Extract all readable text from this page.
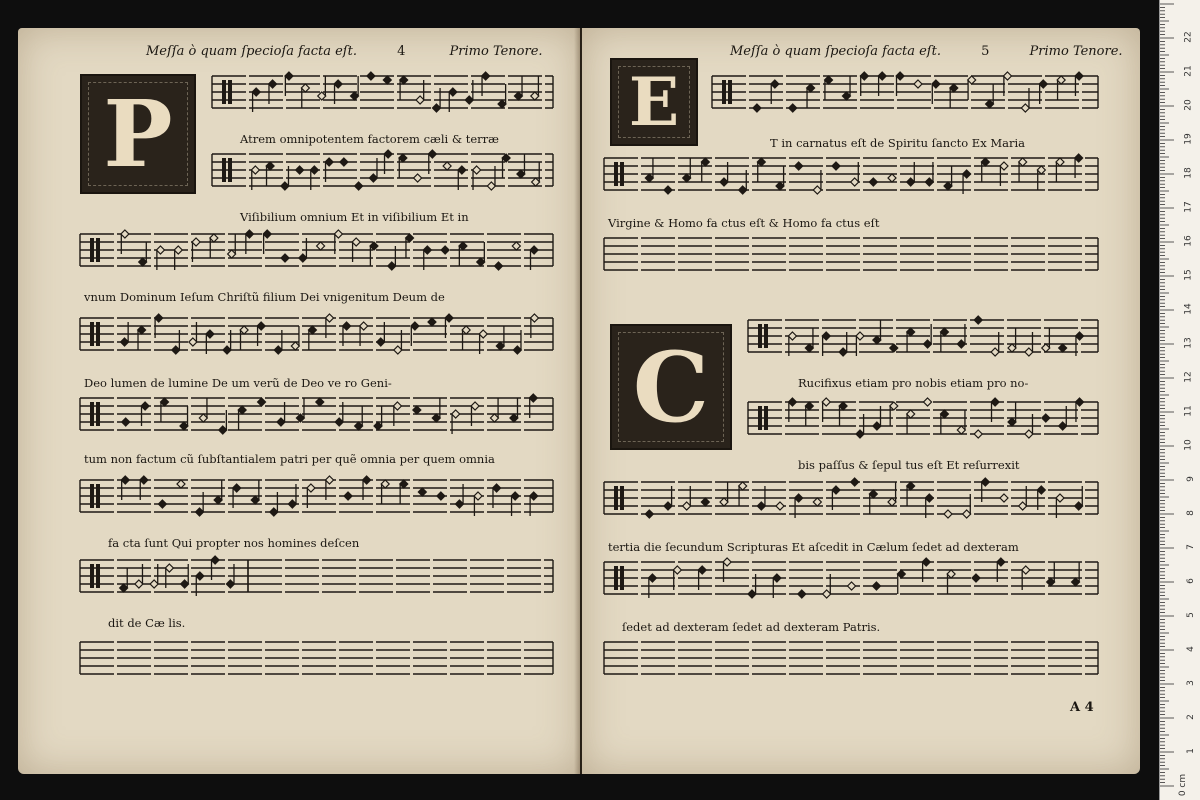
Meſſa ò quam ſpecioſa facta eſt.	4	Primo Tenore.
P	Atrem omnipotentem factorem cæli & terræ
Viſibilium omnium Et in viſibilium Et in
vnum Dominum Ieſum Chriſtũ filium Dei vnigenitum Deum de
Deo lumen de lumine De um verũ de Deo ve ro Geni-
tum non factum cũ ſubſtantialem patri per quẽ omnia per quem omnia
fa cta ſunt Qui propter nos homines deſcen
dit de Cæ lis.
Meſſa ò quam ſpecioſa facta eſt.	5	Primo Tenore.
E
C
T in carnatus eſt de Spiritu ſancto Ex Maria
Virgine & Homo fa ctus eſt & Homo fa ctus eſt
Rucifixus etiam pro nobis etiam pro no-
bis paſſus & ſepul tus eſt Et reſurrexit
tertia die ſecundum Scripturas Et aſcedit in Cælum ſedet ad dexteram
ſedet ad dexteram ſedet ad dexteram Patris.
A 4
22
21
20
19
18
17
16
15
14
13
12
11
10
9
8
7
6
5
4
3
2
1
0 cm
